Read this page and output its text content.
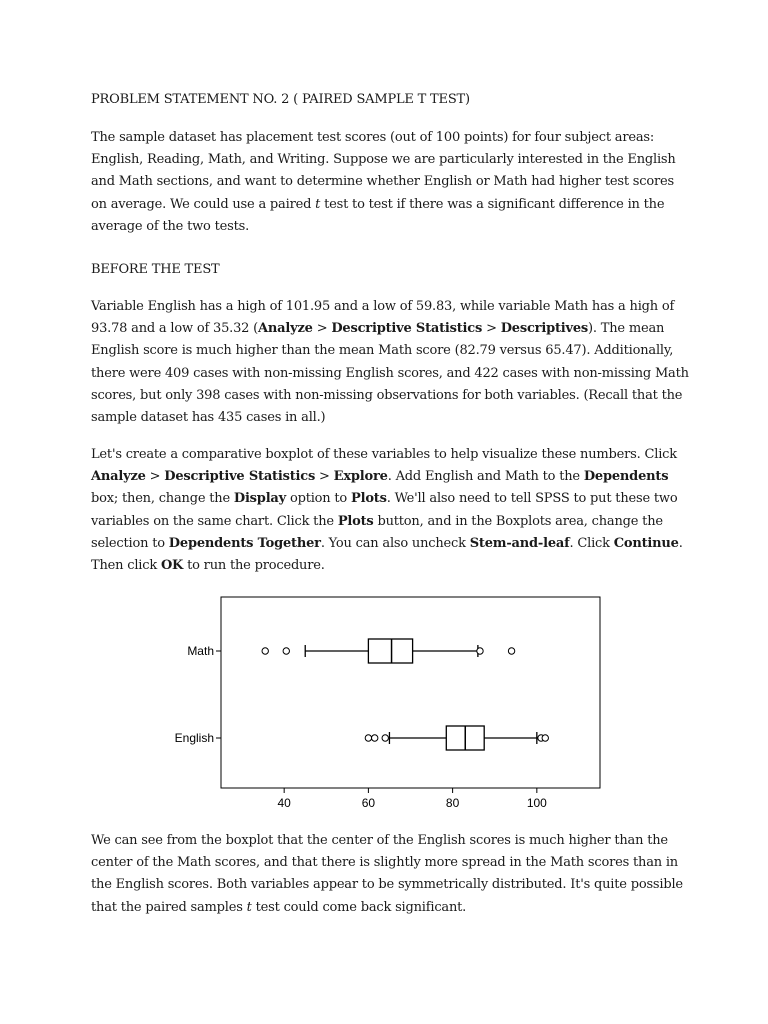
PROBLEM STATEMENT NO. 2 ( PAIRED SAMPLE T TEST)

The sample dataset has placement test scores (out of 100 points) for four subject areas: English, Reading, Math, and Writing. Suppose we are particularly interested in the English and Math sections, and want to determine whether English or Math had higher test scores on average. We could use a paired t test to test if there was a significant difference in the average of the two tests.

BEFORE THE TEST

Variable English has a high of 101.95 and a low of 59.83, while variable Math has a high of 93.78 and a low of 35.32 (Analyze > Descriptive Statistics > Descriptives). The mean English score is much higher than the mean Math score (82.79 versus 65.47). Additionally, there were 409 cases with non-missing English scores, and 422 cases with non-missing Math scores, but only 398 cases with non-missing observations for both variables. (Recall that the sample dataset has 435 cases in all.)

Let's create a comparative boxplot of these variables to help visualize these numbers. Click Analyze > Descriptive Statistics > Explore. Add English and Math to the Dependents box; then, change the Display option to Plots. We'll also need to tell SPSS to put these two variables on the same chart. Click the Plots button, and in the Boxplots area, change the selection to Dependents Together. You can also uncheck Stem-and-leaf. Click Continue. Then click OK to run the procedure.

40	60	80	100
Math
English

We can see from the boxplot that the center of the English scores is much higher than the center of the Math scores, and that there is slightly more spread in the Math scores than in the English scores. Both variables appear to be symmetrically distributed. It's quite possible that the paired samples t test could come back significant.
